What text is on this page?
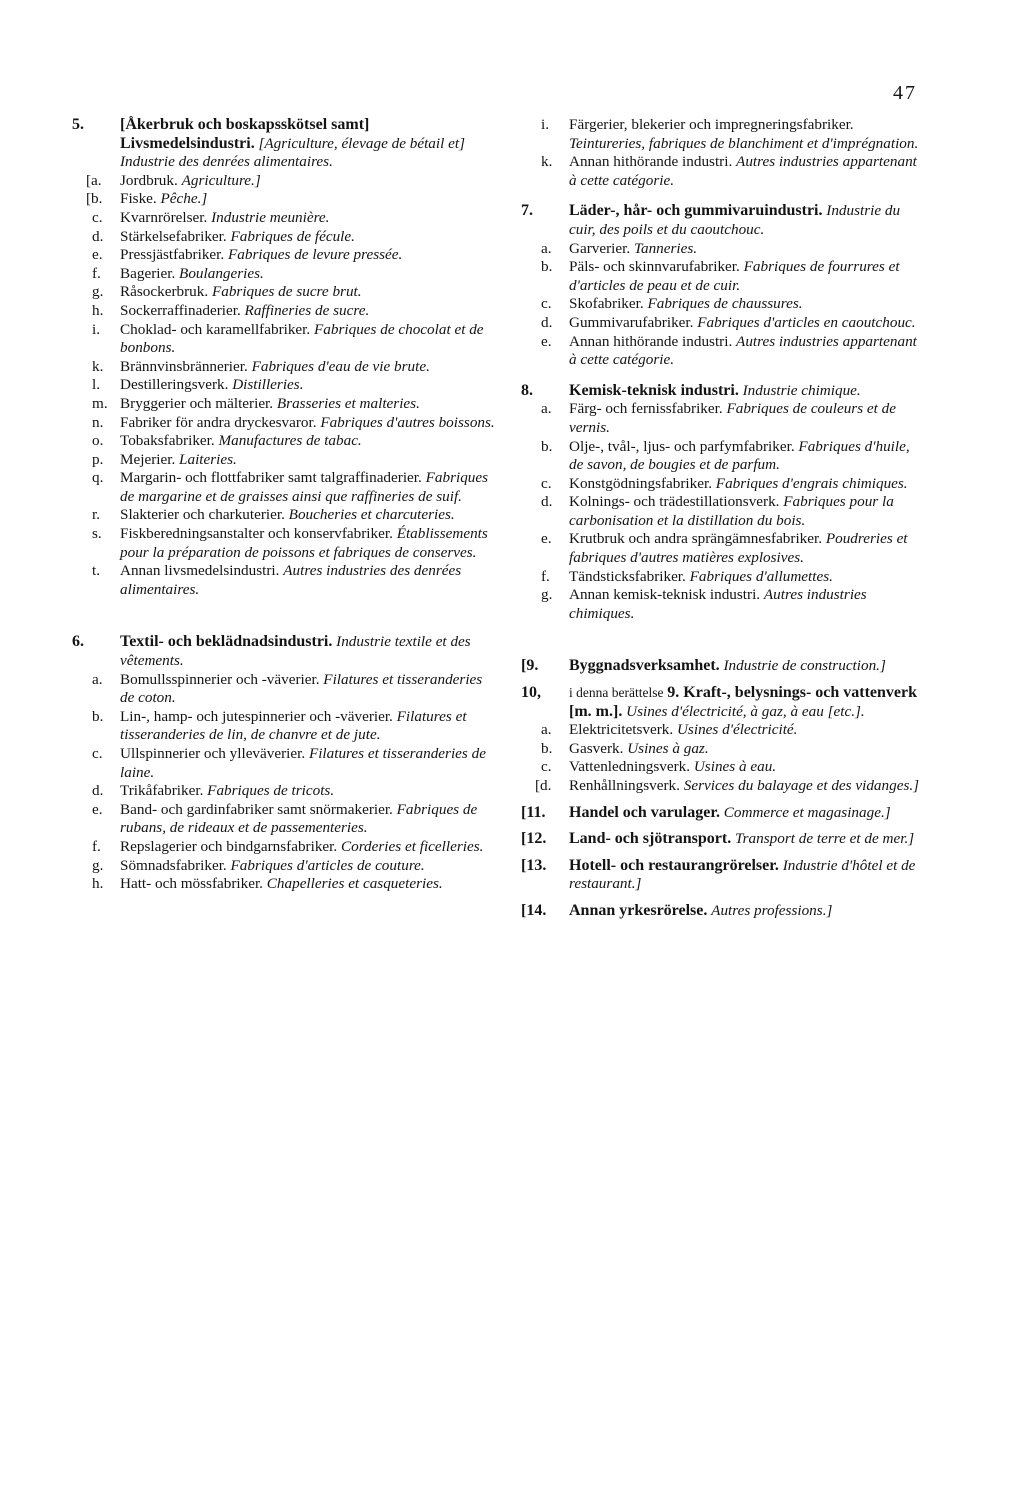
47
5. [Åkerbruk och boskapsskötsel samt] Livsmedelsindustri. [Agriculture, élevage de bétail et] Industrie des denrées alimentaires.
[a. Jordbruk. Agriculture.]
[b. Fiske. Pêche.]
c. Kvarnrörelser. Industrie meunière.
d. Stärkelsefabriker. Fabriques de fécule.
e. Pressjästfabriker. Fabriques de levure pressée.
f. Bagerier. Boulangeries.
g. Råsockerbruk. Fabriques de sucre brut.
h. Sockerraffinaderier. Raffineries de sucre.
i. Choklad- och karamellfabriker. Fabriques de chocolat et de bonbons.
k. Brännvinsbrännerier. Fabriques d'eau de vie brute.
l. Destilleringsverk. Distilleries.
m. Bryggerier och mälterier. Brasseries et malteries.
n. Fabriker för andra dryckesvaror. Fabriques d'autres boissons.
o. Tobaksfabriker. Manufactures de tabac.
p. Mejerier. Laiteries.
q. Margarin- och flottfabriker samt talgraffinaderier. Fabriques de margarine et de graisses ainsi que raffineries de suif.
r. Slakterier och charkuterier. Boucheries et charcuteries.
s. Fiskberedningsanstalter och konservfabriker. Établissements pour la préparation de poissons et fabriques de conserves.
t. Annan livsmedelsindustri. Autres industries des denrées alimentaires.
6. Textil- och beklädnadsindustri. Industrie textile et des vêtements.
a. Bomullsspinnerier och -väverier. Filatures et tisseranderies de coton.
b. Lin-, hamp- och jutespinnerier och -väverier. Filatures et tisseranderies de lin, de chanvre et de jute.
c. Ullspinnerier och ylleväverier. Filatures et tisseranderies de laine.
d. Trikåfabriker. Fabriques de tricots.
e. Band- och gardinfabriker samt snörmakerier. Fabriques de rubans, de rideaux et de passementeries.
f. Repslagerier och bindgarnsfabriker. Corderies et ficelleries.
g. Sömnadsfabriker. Fabriques d'articles de couture.
h. Hatt- och mössfabriker. Chapelleries et casqueteries.
i. Färgerier, blekerier och impregneringsfabriker. Teintureries, fabriques de blanchiment et d'imprégnation.
k. Annan hithörande industri. Autres industries appartenant à cette catégorie.
7. Läder-, hår- och gummivaruindustri. Industrie du cuir, des poils et du caoutchouc.
a. Garverier. Tanneries.
b. Päls- och skinnvarufabriker. Fabriques de fourrures et d'articles de peau et de cuir.
c. Skofabriker. Fabriques de chaussures.
d. Gummivarufabriker. Fabriques d'articles en caoutchouc.
e. Annan hithörande industri. Autres industries appartenant à cette catégorie.
8. Kemisk-teknisk industri. Industrie chimique.
a. Färg- och fernissfabriker. Fabriques de couleurs et de vernis.
b. Olje-, tvål-, ljus- och parfymfabriker. Fabriques d'huile, de savon, de bougies et de parfum.
c. Konstgödningsfabriker. Fabriques d'engrais chimiques.
d. Kolnings- och trädestillationsverk. Fabriques pour la carbonisation et la distillation du bois.
e. Krutbruk och andra sprängämnesfabriker. Poudreries et fabriques d'autres matières explosives.
f. Tändsticksfabriker. Fabriques d'allumettes.
g. Annan kemisk-teknisk industri. Autres industries chimiques.
[9. Byggnadsverksamhet. Industrie de construction.]
10, i denna berättelse 9. Kraft-, belysnings- och vattenverk [m. m.]. Usines d'électricité, à gaz, à eau [etc.].
a. Elektricitetsverk. Usines d'électricité.
b. Gasverk. Usines à gaz.
c. Vattenledningsverk. Usines à eau.
[d. Renhållningsverk. Services du balayage et des vidanges.]
[11. Handel och varulager. Commerce et magasinage.]
[12. Land- och sjötransport. Transport de terre et de mer.]
[13. Hotell- och restaurangrörelser. Industrie d'hôtel et de restaurant.]
[14. Annan yrkesrörelse. Autres professions.]
